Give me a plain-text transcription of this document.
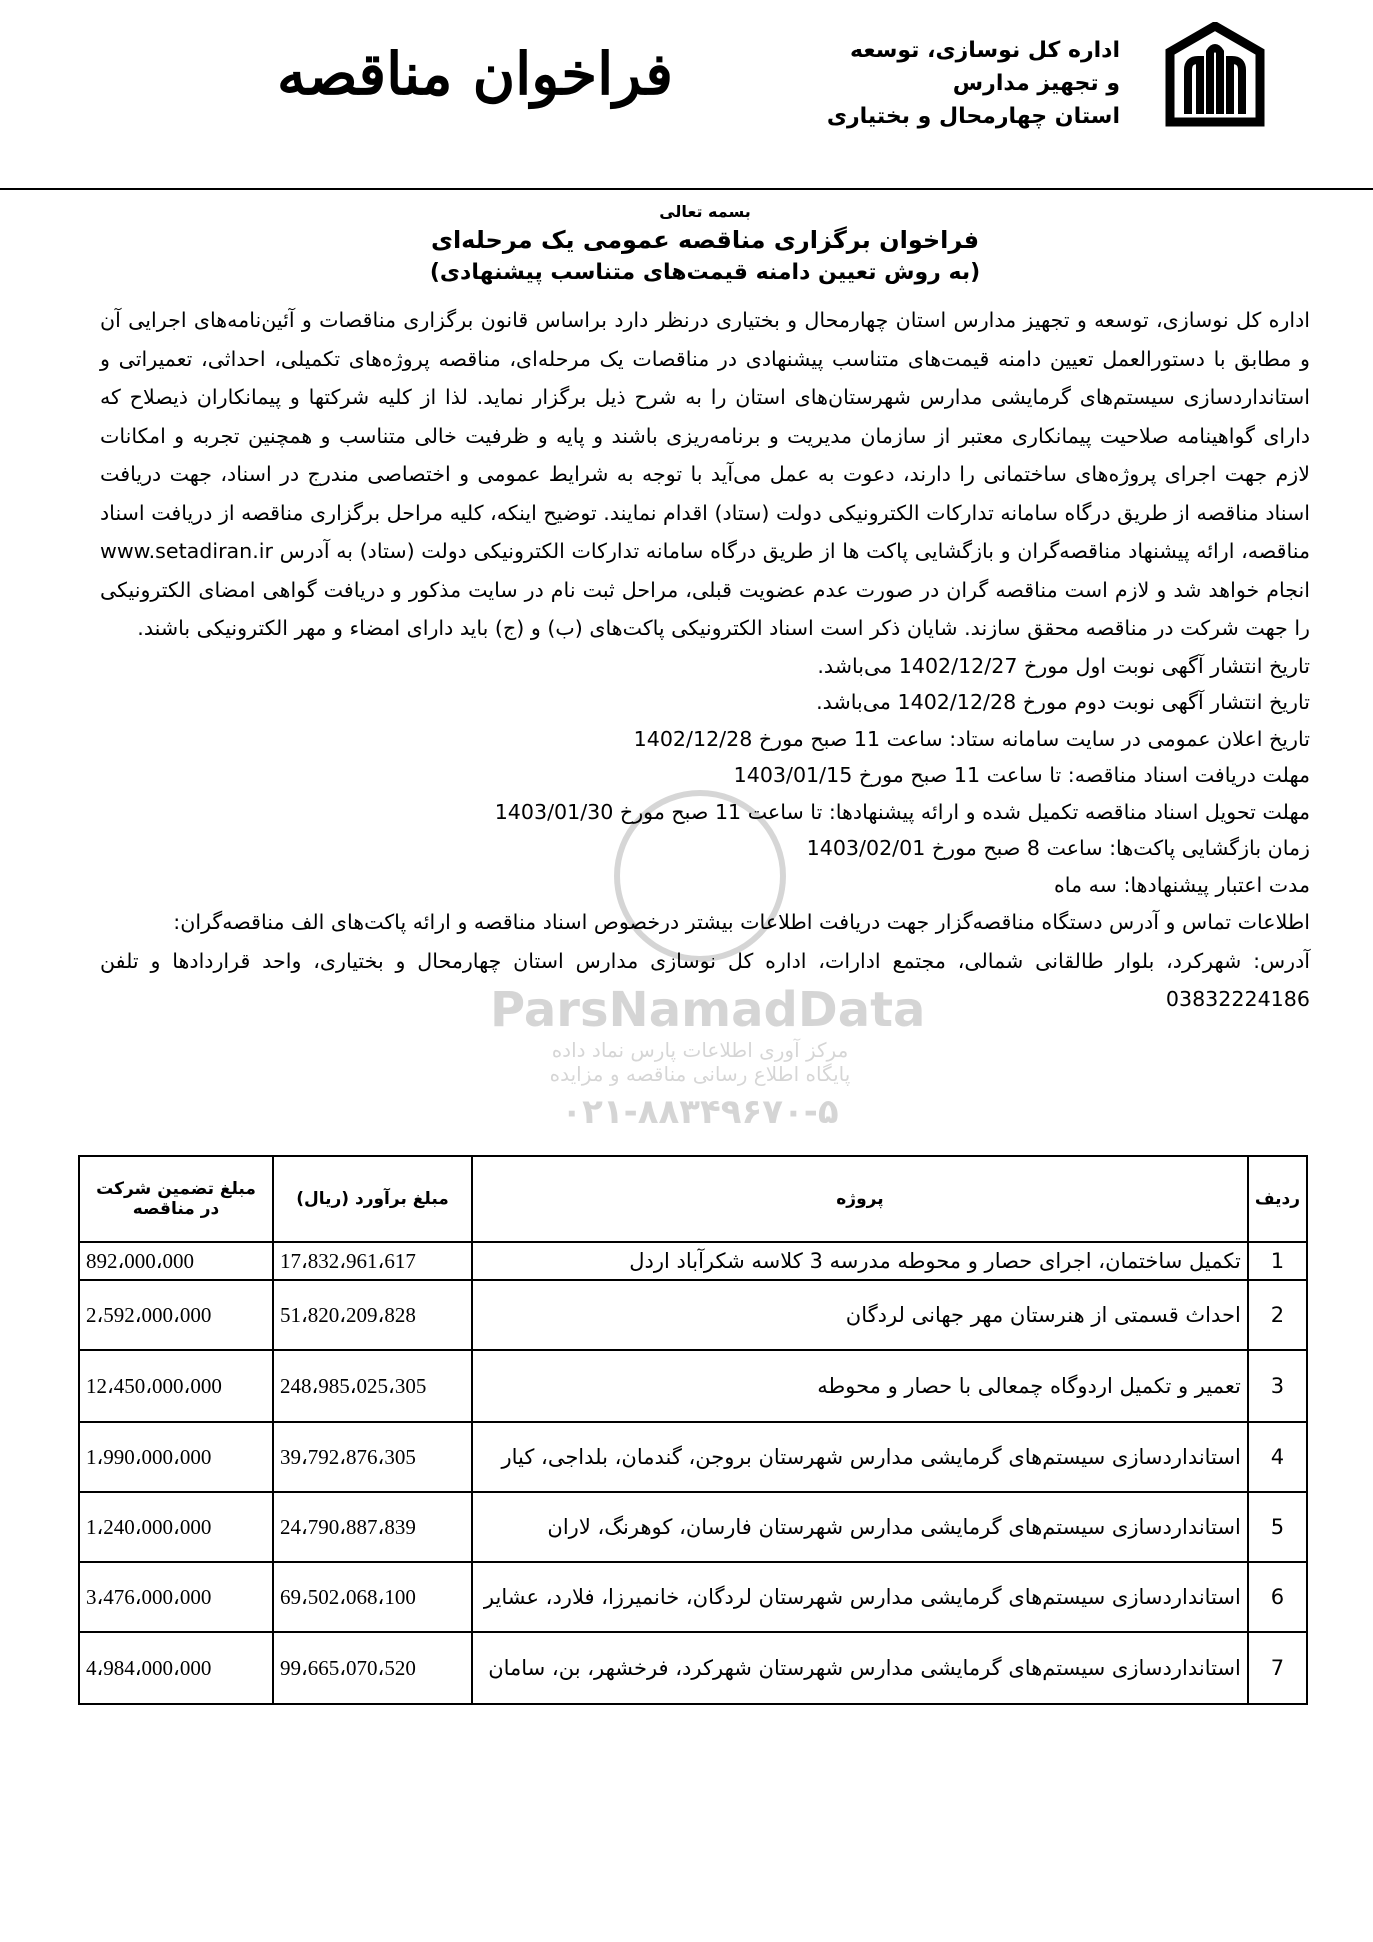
اداره کل نوسازی، توسعه
و تجهیز مدارس
استان چهارمحال و بختیاری
فراخوان مناقصه
ParsNamadData
مرکز آوری اطلاعات پارس نماد داده
پایگاه اطلاع رسانی مناقصه و مزایده
۰۲۱-۸۸۳۴۹۶۷۰-۵
بسمه تعالی
فراخوان برگزاری مناقصه عمومی یک مرحله‌ای
(به روش تعیین دامنه قیمت‌های متناسب پیشنهادی)
اداره کل نوسازی، توسعه و تجهیز مدارس استان چهارمحال و بختیاری درنظر دارد براساس قانون برگزاری مناقصات و آئین‌نامه‌های اجرایی آن و مطابق با دستورالعمل تعیین دامنه قیمت‌های متناسب پیشنهادی در مناقصات یک مرحله‌ای، مناقصه پروژه‌های تکمیلی، احداثی، تعمیراتی و استانداردسازی سیستم‌های گرمایشی مدارس شهرستان‌های استان را به شرح ذیل برگزار نماید. لذا از کلیه شرکتها و پیمانکاران ذیصلاح که دارای گواهینامه صلاحیت پیمانکاری معتبر از سازمان مدیریت و برنامه‌ریزی باشند و پایه و ظرفیت خالی متناسب و همچنین تجربه و امکانات لازم جهت اجرای پروژه‌های ساختمانی را دارند، دعوت به عمل می‌آید با توجه به شرایط عمومی و اختصاصی مندرج در اسناد، جهت دریافت اسناد مناقصه از طریق درگاه سامانه تدارکات الکترونیکی دولت (ستاد) اقدام نمایند. توضیح اینکه، کلیه مراحل برگزاری مناقصه از دریافت اسناد مناقصه، ارائه پیشنهاد مناقصه‌گران و بازگشایی پاکت ها از طریق درگاه سامانه تدارکات الکترونیکی دولت (ستاد) به آدرس www.setadiran.ir انجام خواهد شد و لازم است مناقصه گران در صورت عدم عضویت قبلی، مراحل ثبت نام در سایت مذکور و دریافت گواهی امضای الکترونیکی را جهت شرکت در مناقصه محقق سازند. شایان ذکر است اسناد الکترونیکی پاکت‌های (ب) و (ج) باید دارای امضاء و مهر الکترونیکی باشند.
تاریخ انتشار آگهی نوبت اول مورخ 1402/12/27 می‌باشد.
تاریخ انتشار آگهی نوبت دوم مورخ 1402/12/28 می‌باشد.
تاریخ اعلان عمومی در سایت سامانه ستاد: ساعت 11 صبح مورخ 1402/12/28
مهلت دریافت اسناد مناقصه: تا ساعت 11 صبح مورخ 1403/01/15
مهلت تحویل اسناد مناقصه تکمیل شده و ارائه پیشنهادها: تا ساعت 11 صبح مورخ 1403/01/30
زمان بازگشایی پاکت‌ها: ساعت 8 صبح مورخ 1403/02/01
مدت اعتبار پیشنهادها: سه ماه
اطلاعات تماس و آدرس دستگاه مناقصه‌گزار جهت دریافت اطلاعات بیشتر درخصوص اسناد مناقصه و ارائه پاکت‌های الف مناقصه‌گران:
آدرس: شهرکرد، بلوار طالقانی شمالی، مجتمع ادارات، اداره کل نوسازی مدارس استان چهارمحال و بختیاری، واحد قراردادها و تلفن 03832224186
ردیف	پروژه	مبلغ برآورد (ریال)	مبلغ تضمین شرکت در مناقصه
1	تکمیل ساختمان، اجرای حصار و محوطه مدرسه 3 کلاسه شکرآباد اردل	17،832،961،617	892،000،000
2	احداث قسمتی از هنرستان مهر جهانی لردگان	51،820،209،828	2،592،000،000
3	تعمیر و تکمیل اردوگاه چمعالی با حصار و محوطه	248،985،025،305	12،450،000،000
4	استانداردسازی سیستم‌های گرمایشی مدارس شهرستان بروجن، گندمان، بلداجی، کیار	39،792،876،305	1،990،000،000
5	استانداردسازی سیستم‌های گرمایشی مدارس شهرستان فارسان، کوهرنگ، لاران	24،790،887،839	1،240،000،000
6	استانداردسازی سیستم‌های گرمایشی مدارس شهرستان لردگان، خانمیرزا، فلارد، عشایر	69،502،068،100	3،476،000،000
7	استانداردسازی سیستم‌های گرمایشی مدارس شهرستان شهرکرد، فرخشهر، بن، سامان	99،665،070،520	4،984،000،000
